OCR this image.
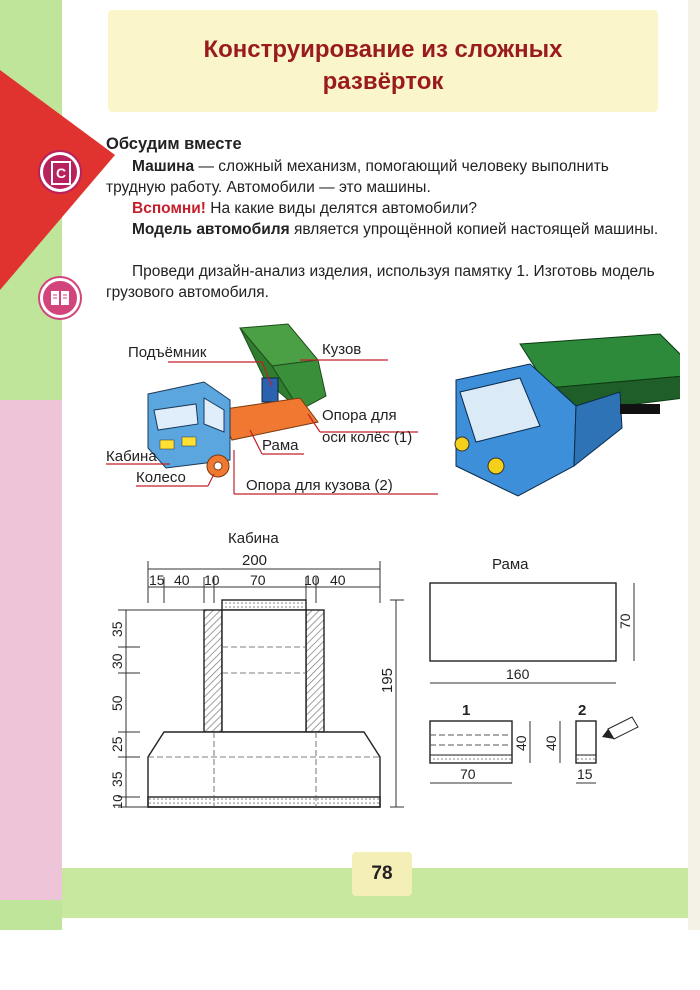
Конструирование из сложных
развёрток
C
Обсудим вместе
Машина — сложный механизм, помогающий человеку выполнить трудную работу. Автомобили — это машины.
Вспомни! На какие виды делятся автомобили?
Модель автомобиля является упрощённой копией настоящей машины.
Проведи дизайн-анализ изделия, используя памятку 1. Изготовь модель грузового автомобиля.
Подъёмник	Кузов
Опора для
оси колёс (1)
Рама
Кабина
Колесо	Опора для кузова (2)
Кабина
200
15 40 10 70	10 40
35
30
50
25
35
10
195
Рама
160
70
1
70
40
2
15
40
78
